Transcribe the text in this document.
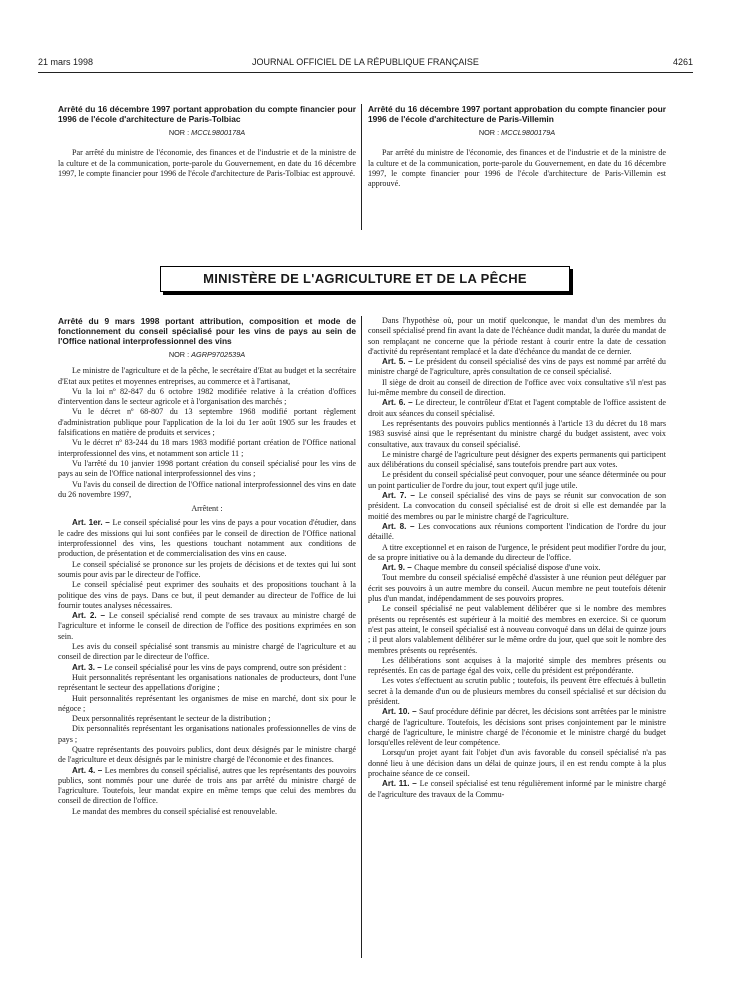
21 mars 1998	JOURNAL OFFICIEL DE LA RÉPUBLIQUE FRANÇAISE	4261

Arrêté du 16 décembre 1997 portant approbation du compte financier pour 1996 de l'école d'architecture de Paris-Tolbiac

NOR : MCCL9800178A

Par arrêté du ministre de l'économie, des finances et de l'industrie et de la ministre de la culture et de la communication, porte-parole du Gouvernement, en date du 16 décembre 1997, le compte financier pour 1996 de l'école d'architecture de Paris-Tolbiac est approuvé.

Arrêté du 16 décembre 1997 portant approbation du compte financier pour 1996 de l'école d'architecture de Paris-Villemin

NOR : MCCL9800179A

Par arrêté du ministre de l'économie, des finances et de l'industrie et de la ministre de la culture et de la communication, porte-parole du Gouvernement, en date du 16 décembre 1997, le compte financier pour 1996 de l'école d'architecture de Paris-Villemin est approuvé.

MINISTÈRE DE L'AGRICULTURE ET DE LA PÊCHE

Arrêté du 9 mars 1998 portant attribution, composition et mode de fonctionnement du conseil spécialisé pour les vins de pays au sein de l'Office national interprofessionnel des vins

NOR : AGRP9702539A

Le ministre de l'agriculture et de la pêche, le secrétaire d'Etat au budget et la secrétaire d'Etat aux petites et moyennes entreprises, au commerce et à l'artisanat,

Vu la loi nº 82-847 du 6 octobre 1982 modifiée relative à la création d'offices d'intervention dans le secteur agricole et à l'organisation des marchés ;

Vu le décret nº 68-807 du 13 septembre 1968 modifié portant règlement d'administration publique pour l'application de la loi du 1er août 1905 sur les fraudes et falsifications en matière de produits et services ;

Vu le décret nº 83-244 du 18 mars 1983 modifié portant création de l'Office national interprofessionnel des vins, et notamment son article 11 ;

Vu l'arrêté du 10 janvier 1998 portant création du conseil spécialisé pour les vins de pays au sein de l'Office national interprofessionnel des vins ;

Vu l'avis du conseil de direction de l'Office national interprofessionnel des vins en date du 26 novembre 1997,

Arrêtent :

Art. 1er. – Le conseil spécialisé pour les vins de pays a pour vocation d'étudier, dans le cadre des missions qui lui sont confiées par le conseil de direction de l'Office national interprofessionnel des vins, les questions touchant notamment aux conditions de production, de présentation et de commercialisation des vins en cause.

Le conseil spécialisé se prononce sur les projets de décisions et de textes qui lui sont soumis pour avis par le directeur de l'office.

Le conseil spécialisé peut exprimer des souhaits et des propositions touchant à la politique des vins de pays. Dans ce but, il peut demander au directeur de l'office de lui fournir toutes analyses nécessaires.

Art. 2. – Le conseil spécialisé rend compte de ses travaux au ministre chargé de l'agriculture et informe le conseil de direction de l'office des positions exprimées en son sein.

Les avis du conseil spécialisé sont transmis au ministre chargé de l'agriculture et au conseil de direction par le directeur de l'office.

Art. 3. – Le conseil spécialisé pour les vins de pays comprend, outre son président :

Huit personnalités représentant les organisations nationales de producteurs, dont l'une représentant le secteur des appellations d'origine ;

Huit personnalités représentant les organismes de mise en marché, dont six pour le négoce ;

Deux personnalités représentant le secteur de la distribution ;

Dix personnalités représentant les organisations nationales professionnelles de vins de pays ;

Quatre représentants des pouvoirs publics, dont deux désignés par le ministre chargé de l'agriculture et deux désignés par le ministre chargé de l'économie et des finances.

Art. 4. – Les membres du conseil spécialisé, autres que les représentants des pouvoirs publics, sont nommés pour une durée de trois ans par arrêté du ministre chargé de l'agriculture. Toutefois, leur mandat expire en même temps que celui des membres du conseil de direction de l'office.

Le mandat des membres du conseil spécialisé est renouvelable.

Dans l'hypothèse où, pour un motif quelconque, le mandat d'un des membres du conseil spécialisé prend fin avant la date de l'échéance dudit mandat, la durée du mandat de son remplaçant ne concerne que la période restant à courir entre la date de cessation d'activité du représentant remplacé et la date d'échéance du mandat de ce dernier.

Art. 5. – Le président du conseil spécialisé des vins de pays est nommé par arrêté du ministre chargé de l'agriculture, après consultation de ce conseil spécialisé.

Il siège de droit au conseil de direction de l'office avec voix consultative s'il n'est pas lui-même membre du conseil de direction.

Art. 6. – Le directeur, le contrôleur d'Etat et l'agent comptable de l'office assistent de droit aux séances du conseil spécialisé.

Les représentants des pouvoirs publics mentionnés à l'article 13 du décret du 18 mars 1983 susvisé ainsi que le représentant du ministre chargé du budget assistent, avec voix consultative, aux travaux du conseil spécialisé.

Le ministre chargé de l'agriculture peut désigner des experts permanents qui participent aux délibérations du conseil spécialisé, sans toutefois prendre part aux votes.

Le président du conseil spécialisé peut convoquer, pour une séance déterminée ou pour un point particulier de l'ordre du jour, tout expert qu'il juge utile.

Art. 7. – Le conseil spécialisé des vins de pays se réunit sur convocation de son président. La convocation du conseil spécialisé est de droit si elle est demandée par la moitié des membres ou par le ministre chargé de l'agriculture.

Art. 8. – Les convocations aux réunions comportent l'indication de l'ordre du jour détaillé.

A titre exceptionnel et en raison de l'urgence, le président peut modifier l'ordre du jour, de sa propre initiative ou à la demande du directeur de l'office.

Art. 9. – Chaque membre du conseil spécialisé dispose d'une voix.

Tout membre du conseil spécialisé empêché d'assister à une réunion peut déléguer par écrit ses pouvoirs à un autre membre du conseil. Aucun membre ne peut toutefois détenir plus d'un mandat, indépendamment de ses pouvoirs propres.

Le conseil spécialisé ne peut valablement délibérer que si le nombre des membres présents ou représentés est supérieur à la moitié des membres en exercice. Si ce quorum n'est pas atteint, le conseil spécialisé est à nouveau convoqué dans un délai de quinze jours ; il peut alors valablement délibérer sur le même ordre du jour, quel que soit le nombre des membres présents ou représentés.

Les délibérations sont acquises à la majorité simple des membres présents ou représentés. En cas de partage égal des voix, celle du président est prépondérante.

Les votes s'effectuent au scrutin public ; toutefois, ils peuvent être effectués à bulletin secret à la demande d'un ou de plusieurs membres du conseil spécialisé et sur décision du président.

Art. 10. – Sauf procédure définie par décret, les décisions sont arrêtées par le ministre chargé de l'agriculture. Toutefois, les décisions sont prises conjointement par le ministre chargé de l'agriculture, le ministre chargé de l'économie et le ministre chargé du budget lorsqu'elles relèvent de leur compétence.

Lorsqu'un projet ayant fait l'objet d'un avis favorable du conseil spécialisé n'a pas donné lieu à une décision dans un délai de quinze jours, il en est rendu compte à la plus prochaine séance de ce conseil.

Art. 11. – Le conseil spécialisé est tenu régulièrement informé par le ministre chargé de l'agriculture des travaux de la Commu-
